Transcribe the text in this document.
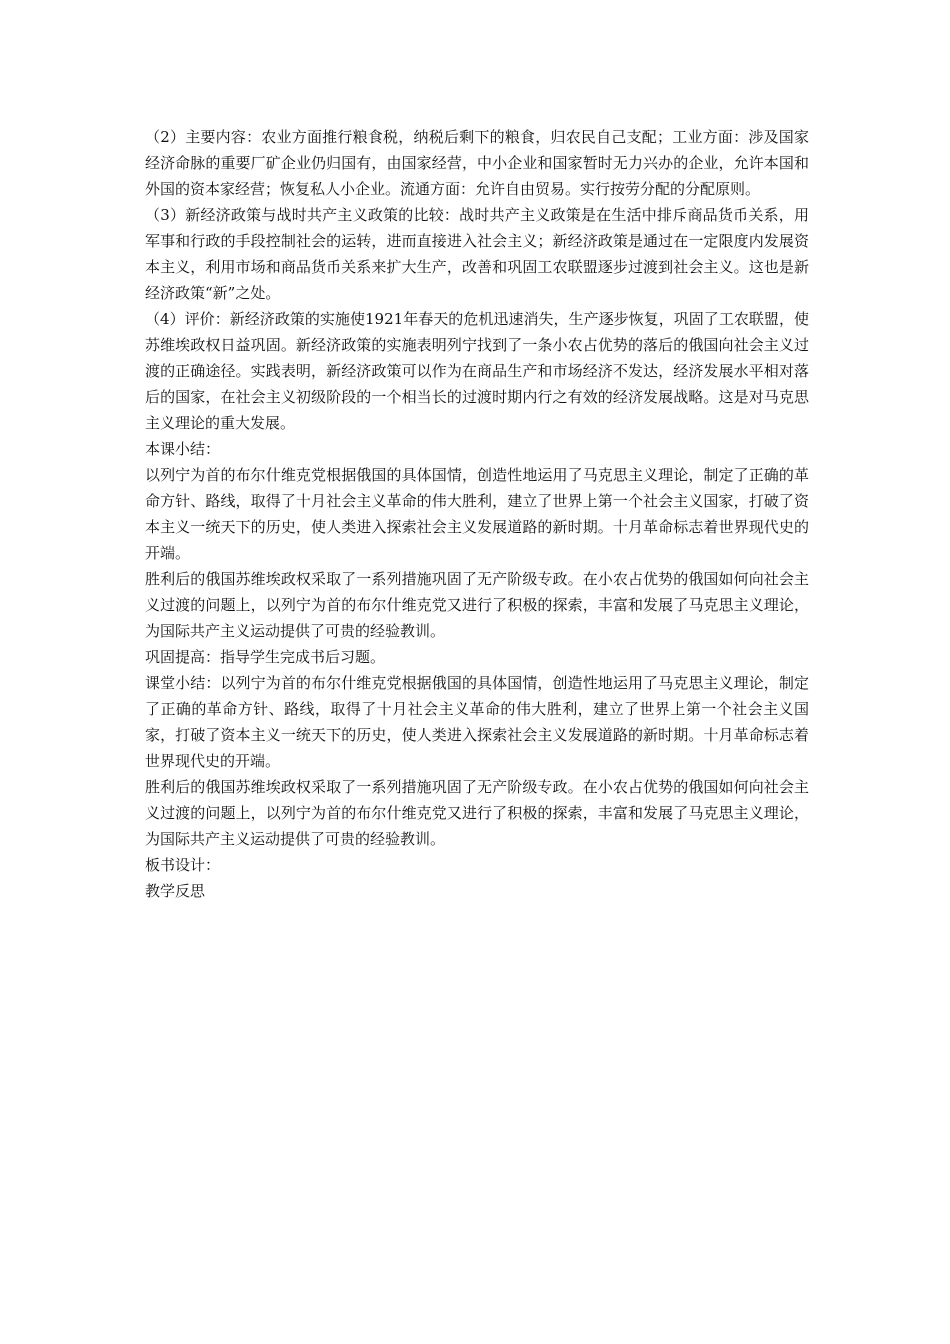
（2）主要内容：农业方面推行粮食税，纳税后剩下的粮食，归农民自己支配；工业方面：涉及国家经济命脉的重要厂矿企业仍归国有，由国家经营，中小企业和国家暂时无力兴办的企业，允许本国和外国的资本家经营；恢复私人小企业。流通方面：允许自由贸易。实行按劳分配的分配原则。

（3）新经济政策与战时共产主义政策的比较：战时共产主义政策是在生活中排斥商品货币关系，用军事和行政的手段控制社会的运转，进而直接进入社会主义；新经济政策是通过在一定限度内发展资本主义，利用市场和商品货币关系来扩大生产，改善和巩固工农联盟逐步过渡到社会主义。这也是新经济政策“新”之处。

（4）评价：新经济政策的实施使1921年春天的危机迅速消失，生产逐步恢复，巩固了工农联盟，使苏维埃政权日益巩固。新经济政策的实施表明列宁找到了一条小农占优势的落后的俄国向社会主义过渡的正确途径。实践表明，新经济政策可以作为在商品生产和市场经济不发达，经济发展水平相对落后的国家，在社会主义初级阶段的一个相当长的过渡时期内行之有效的经济发展战略。这是对马克思主义理论的重大发展。

本课小结：

以列宁为首的布尔什维克党根据俄国的具体国情，创造性地运用了马克思主义理论，制定了正确的革命方针、路线，取得了十月社会主义革命的伟大胜利，建立了世界上第一个社会主义国家，打破了资本主义一统天下的历史，使人类进入探索社会主义发展道路的新时期。十月革命标志着世界现代史的开端。

胜利后的俄国苏维埃政权采取了一系列措施巩固了无产阶级专政。在小农占优势的俄国如何向社会主义过渡的问题上，以列宁为首的布尔什维克党又进行了积极的探索，丰富和发展了马克思主义理论，为国际共产主义运动提供了可贵的经验教训。

巩固提高：指导学生完成书后习题。

课堂小结：以列宁为首的布尔什维克党根据俄国的具体国情，创造性地运用了马克思主义理论，制定了正确的革命方针、路线，取得了十月社会主义革命的伟大胜利，建立了世界上第一个社会主义国家，打破了资本主义一统天下的历史，使人类进入探索社会主义发展道路的新时期。十月革命标志着世界现代史的开端。

胜利后的俄国苏维埃政权采取了一系列措施巩固了无产阶级专政。在小农占优势的俄国如何向社会主义过渡的问题上，以列宁为首的布尔什维克党又进行了积极的探索，丰富和发展了马克思主义理论，为国际共产主义运动提供了可贵的经验教训。

板书设计：

教学反思
